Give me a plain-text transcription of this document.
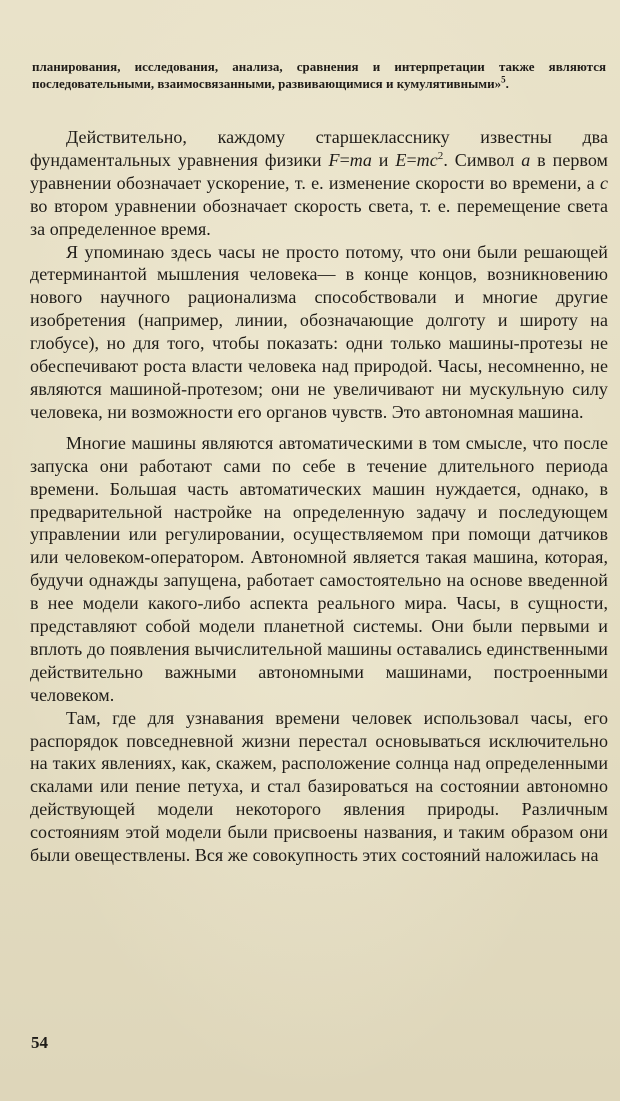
планирования, исследования, анализа, сравнения и интерпретации также являются последовательными, взаимосвязанными, развивающимися и кумулятивными»$^5$.

Действительно, каждому старшекласснику известны два фундаментальных уравнения физики F=ma и $E=mc^2$. Символ a в первом уравнении обозначает ускорение, т. е. изменение скорости во времени, а c во втором уравнении обозначает скорость света, т. е. перемещение света за определенное время.

Я упоминаю здесь часы не просто потому, что они были решающей детерминантой мышления человека— в конце концов, возникновению нового научного рационализма способствовали и многие другие изобретения (например, линии, обозначающие долготу и широту на глобусе), но для того, чтобы показать: одни только машины-протезы не обеспечивают роста власти человека над природой. Часы, несомненно, не являются машиной-протезом; они не увеличивают ни мускульную силу человека, ни возможности его органов чувств. Это автономная машина.

Многие машины являются автоматическими в том смысле, что после запуска они работают сами по себе в течение длительного периода времени. Большая часть автоматических машин нуждается, однако, в предварительной настройке на определенную задачу и последующем управлении или регулировании, осуществляемом при помощи датчиков или человеком-оператором. Автономной является такая машина, которая, будучи однажды запущена, работает самостоятельно на основе введенной в нее модели какого-либо аспекта реального мира. Часы, в сущности, представляют собой модели планетной системы. Они были первыми и вплоть до появления вычислительной машины оставались единственными действительно важными автономными машинами, построенными человеком.

Там, где для узнавания времени человек использовал часы, его распорядок повседневной жизни перестал основываться исключительно на таких явлениях, как, скажем, расположение солнца над определенными скалами или пение петуха, и стал базироваться на состоянии автономно действующей модели некоторого явления природы. Различным состояниям этой модели были присвоены названия, и таким образом они были овеществлены. Вся же совокупность этих состояний наложилась на

54
